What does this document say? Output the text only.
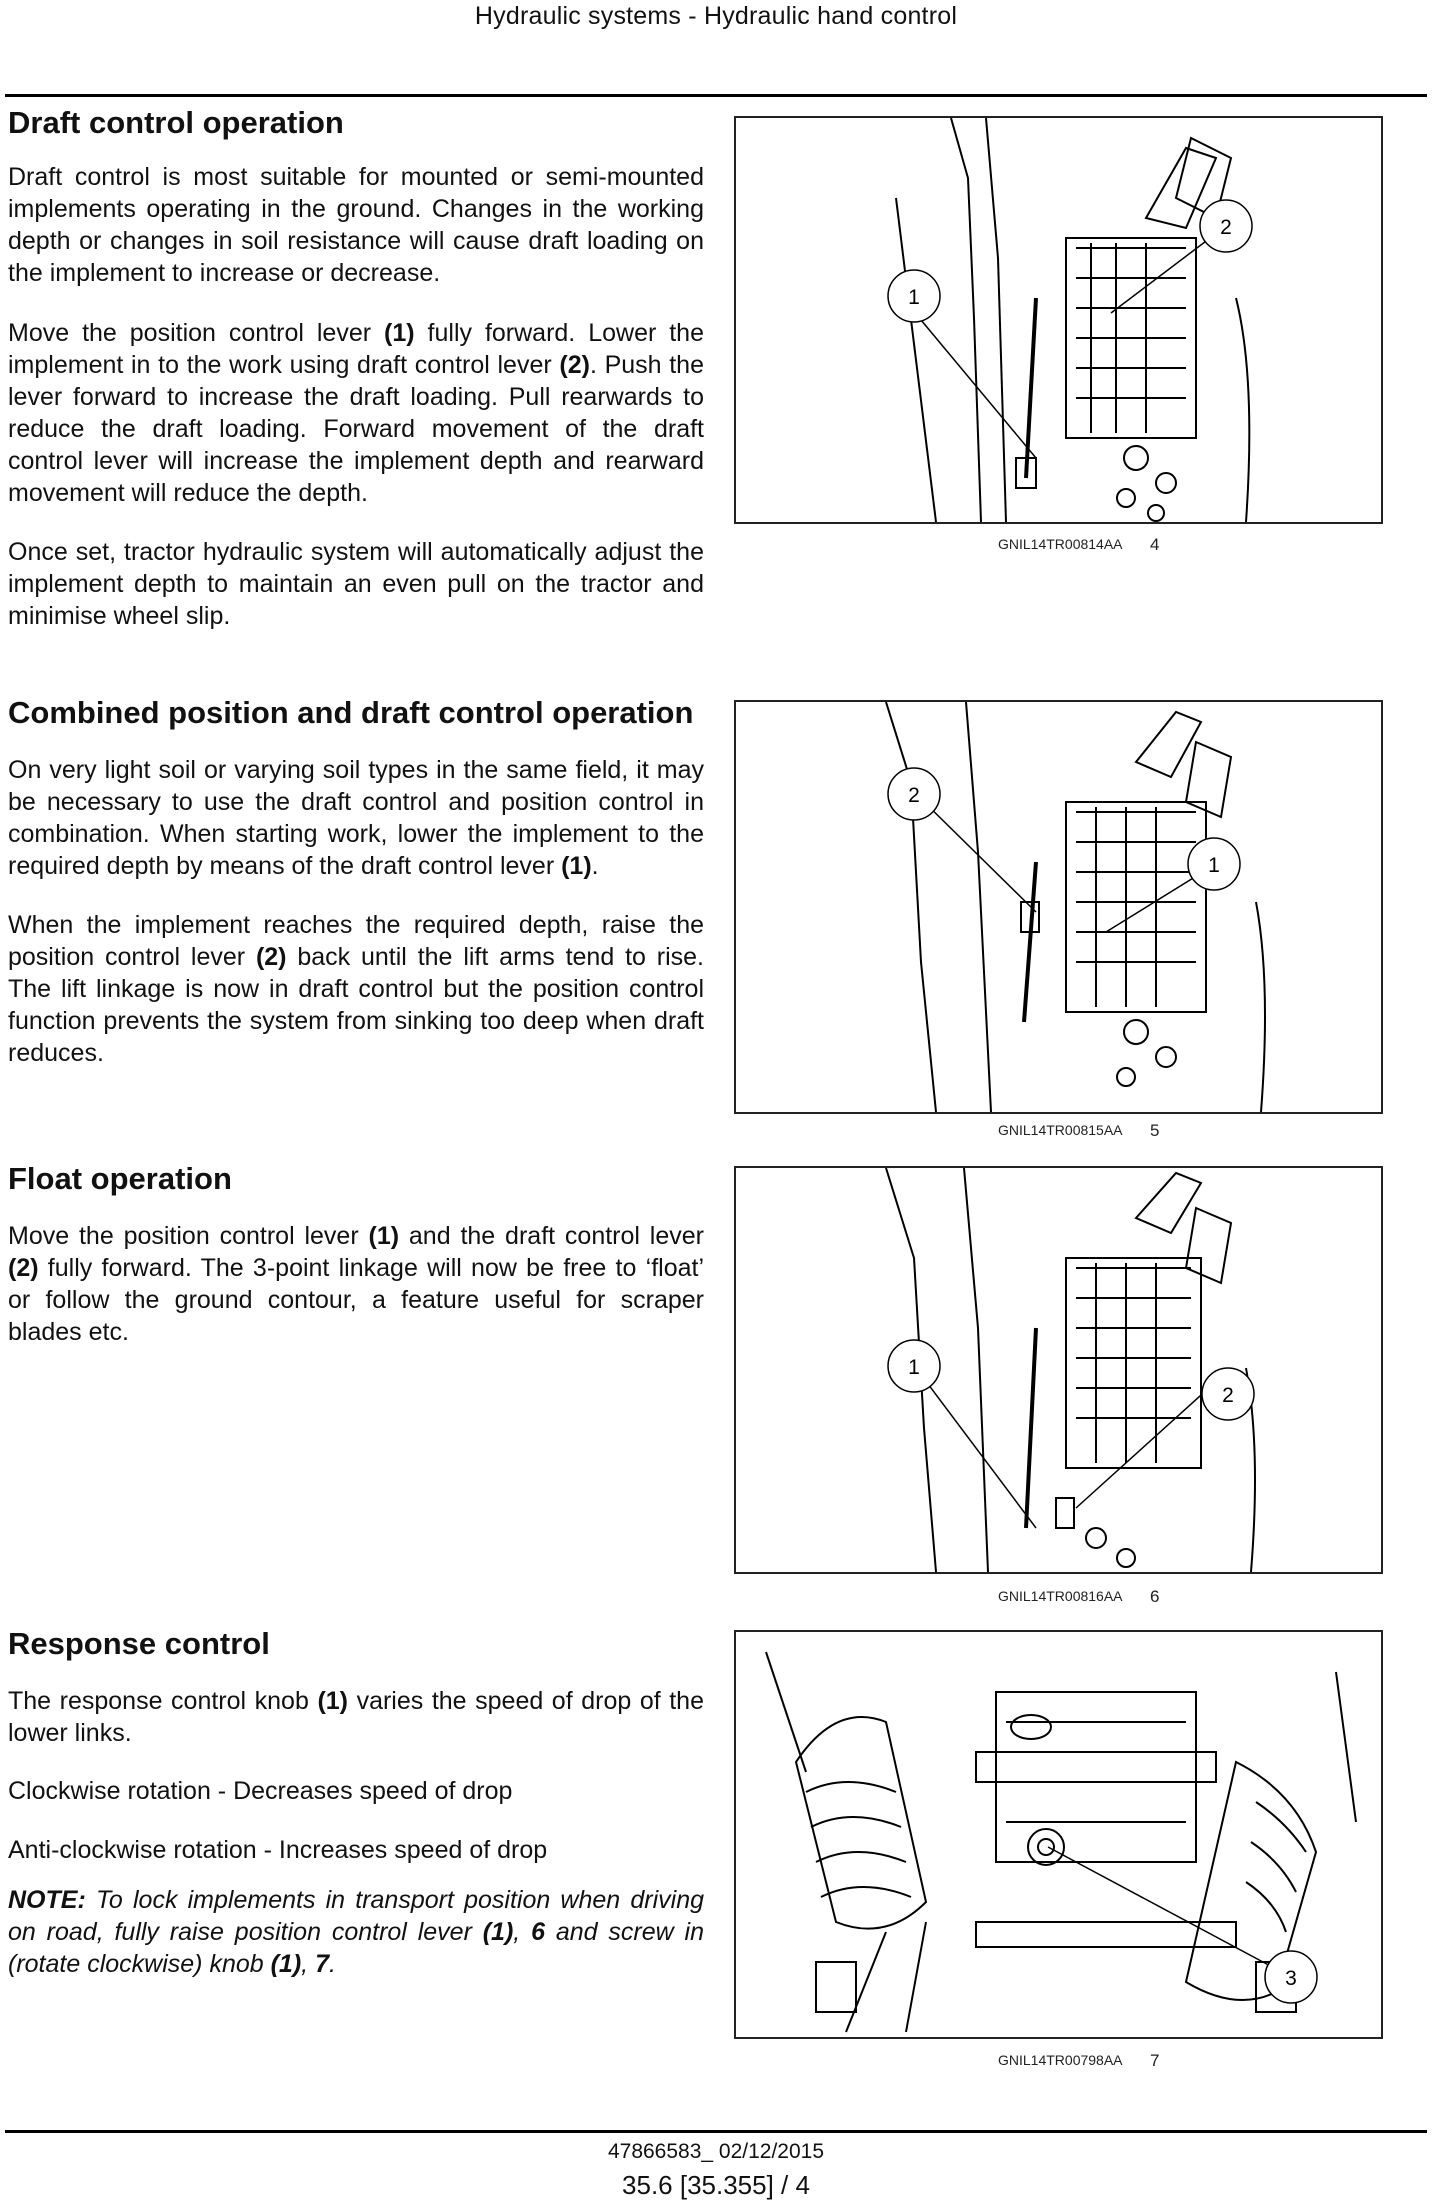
Hydraulic systems - Hydraulic hand control
Draft control operation

Draft control is most suitable for mounted or semi-mounted implements operating in the ground. Changes in the working depth or changes in soil resistance will cause draft loading on the implement to increase or decrease.

Move the position control lever (1) fully forward. Lower the implement in to the work using draft control lever (2). Push the lever forward to increase the draft loading. Pull rearwards to reduce the draft loading. Forward movement of the draft control lever will increase the implement depth and rearward movement will reduce the depth.

Once set, tractor hydraulic system will automatically adjust the implement depth to maintain an even pull on the tractor and minimise wheel slip.

Combined position and draft control operation

On very light soil or varying soil types in the same field, it may be necessary to use the draft control and position control in combination. When starting work, lower the implement to the required depth by means of the draft control lever (1).

When the implement reaches the required depth, raise the position control lever (2) back until the lift arms tend to rise. The lift linkage is now in draft control but the position control function prevents the system from sinking too deep when draft reduces.

Float operation

Move the position control lever (1) and the draft control lever (2) fully forward. The 3-point linkage will now be free to ‘float’ or follow the ground contour, a feature useful for scraper blades etc.

Response control

The response control knob (1) varies the speed of drop of the lower links.

Clockwise rotation - Decreases speed of drop

Anti-clockwise rotation - Increases speed of drop

NOTE: To lock implements in transport position when driving on road, fully raise position control lever (1), 6 and screw in (rotate clockwise) knob (1), 7.

1
2
GNIL14TR00814AA 4
2
1
GNIL14TR00815AA 5
1
2
GNIL14TR00816AA 6
3
GNIL14TR00798AA 7
47866583_ 02/12/2015
35.6 [35.355] / 4
